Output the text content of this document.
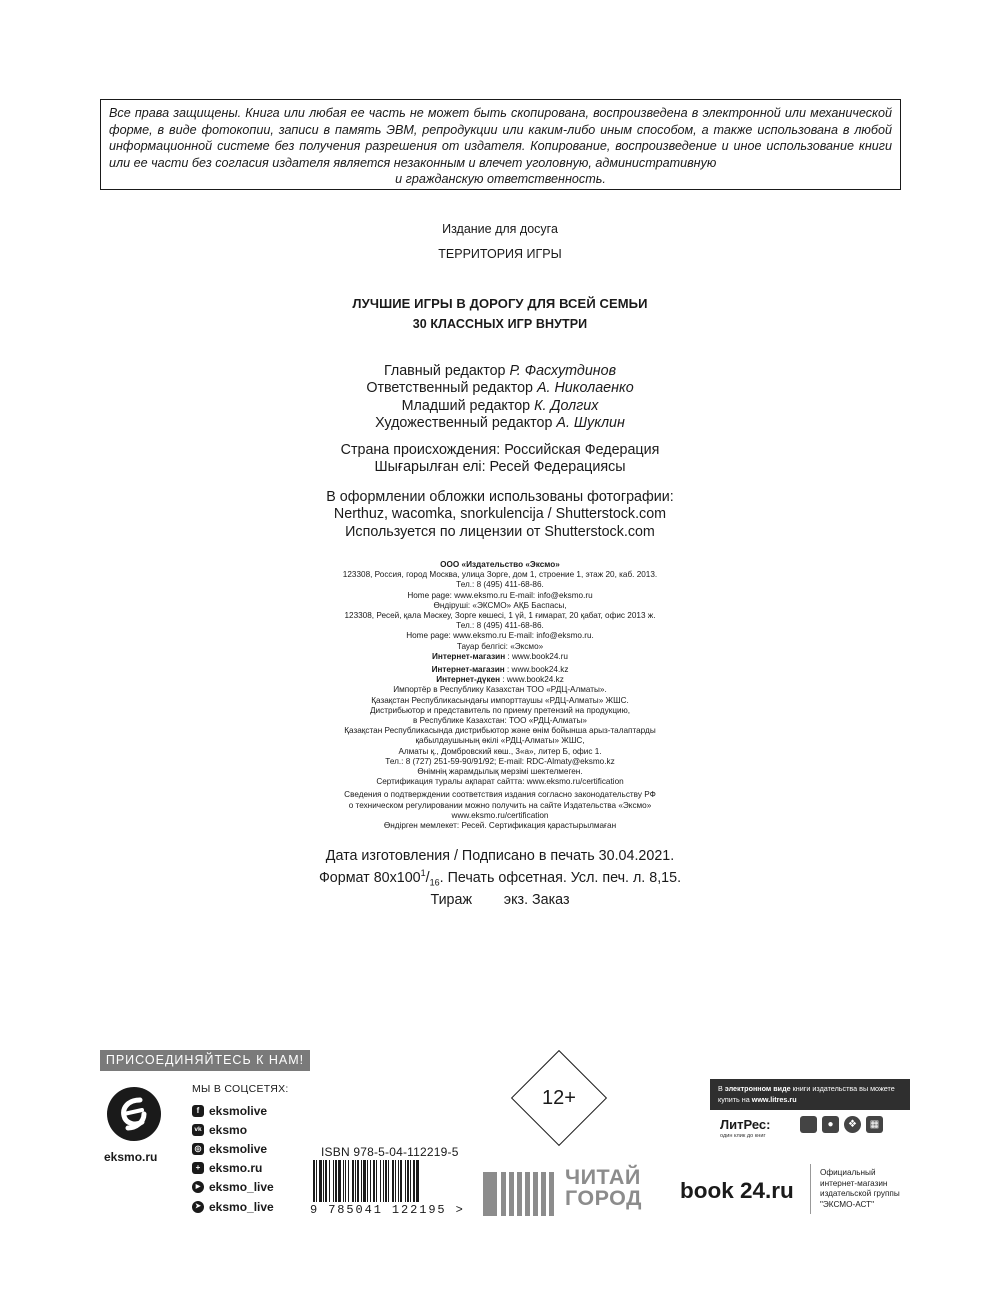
Все права защищены. Книга или любая ее часть не может быть скопирована, воспроизведена в электронной или механической форме, в виде фотокопии, записи в память ЭВМ, репродукции или каким-либо иным способом, а также использована в любой информационной системе без получения разрешения от издателя. Копирование, воспроизведение и иное использование книги или ее части без согласия издателя является незаконным и влечет уголовную, административную
и гражданскую ответственность.
Издание для досуга
ТЕРРИТОРИЯ ИГРЫ
ЛУЧШИЕ ИГРЫ В ДОРОГУ ДЛЯ ВСЕЙ СЕМЬИ
30 КЛАССНЫХ ИГР ВНУТРИ
Главный редактор Р. Фасхутдинов
Ответственный редактор А. Николаенко
Младший редактор К. Долгих
Художественный редактор А. Шуклин
Страна происхождения: Российская Федерация
Шығарылған елі: Ресей Федерациясы
В оформлении обложки использованы фотографии:
Nerthuz, wacomka, snorkulencija / Shutterstock.com
Используется по лицензии от Shutterstock.com
ООО «Издательство «Эксмо»
123308, Россия, город Москва, улица Зорге, дом 1, строение 1, этаж 20, каб. 2013.
Тел.: 8 (495) 411-68-86.
Home page: www.eksmo.ru E-mail: info@eksmo.ru
Өндіруші: «ЭКСМО» АҚБ Баспасы,
123308, Ресей, қала Мәскеу, Зорге көшесі, 1 үй, 1 ғимарат, 20 қабат, офис 2013 ж.
Тел.: 8 (495) 411-68-86.
Home page: www.eksmo.ru E-mail: info@eksmo.ru.
Тауар белгісі: «Эксмо»
Интернет-магазин : www.book24.ru
Интернет-магазин : www.book24.kz
Интернет-дүкен : www.book24.kz
Импортёр в Республику Казахстан ТОО «РДЦ-Алматы».
Қазақстан Республикасындағы импорттаушы «РДЦ-Алматы» ЖШС.
Дистрибьютор и представитель по приему претензий на продукцию,
в Республике Казахстан: ТОО «РДЦ-Алматы»
Қазақстан Республикасында дистрибьютор және өнім бойынша арыз-талаптарды
қабылдаушының өкілі «РДЦ-Алматы» ЖШС,
Алматы қ., Домбровский көш., 3«а», литер Б, офис 1.
Тел.: 8 (727) 251-59-90/91/92; E-mail: RDC-Almaty@eksmo.kz
Өнімнің жарамдылық мерзімі шектелмеген.
Сертификация туралы ақпарат сайтта: www.eksmo.ru/certification
Сведения о подтверждении соответствия издания согласно законодательству РФ
о техническом регулировании можно получить на сайте Издательства «Эксмо»
www.eksmo.ru/certification
Өндірген мемлекет: Ресей. Сертификация қарастырылмаған
Дата изготовления / Подписано в печать 30.04.2021.
Формат $80x100^1/_{16}$. Печать офсетная. Усл. печ. л. 8,15.
Тираж        экз. Заказ
ПРИСОЕДИНЯЙТЕСЬ К НАМ!
eksmo.ru
МЫ В СОЦСЕТЯХ:
f eksmolive
vk eksmo
◎ eksmolive
+ eksmo.ru
▶ eksmo_live
➤ eksmo_live
12+
ISBN 978-5-04-112219-5
9 785041 122195 >
ЧИТАЙ
ГОРОД
В электронном виде книги издательства вы можете
купить на www.litres.ru
ЛитРес:
один клик до книг
●	❖	▦
book 24.ru
Официальный
интернет-магазин
издательской группы
"ЭКСМО-АСТ"
